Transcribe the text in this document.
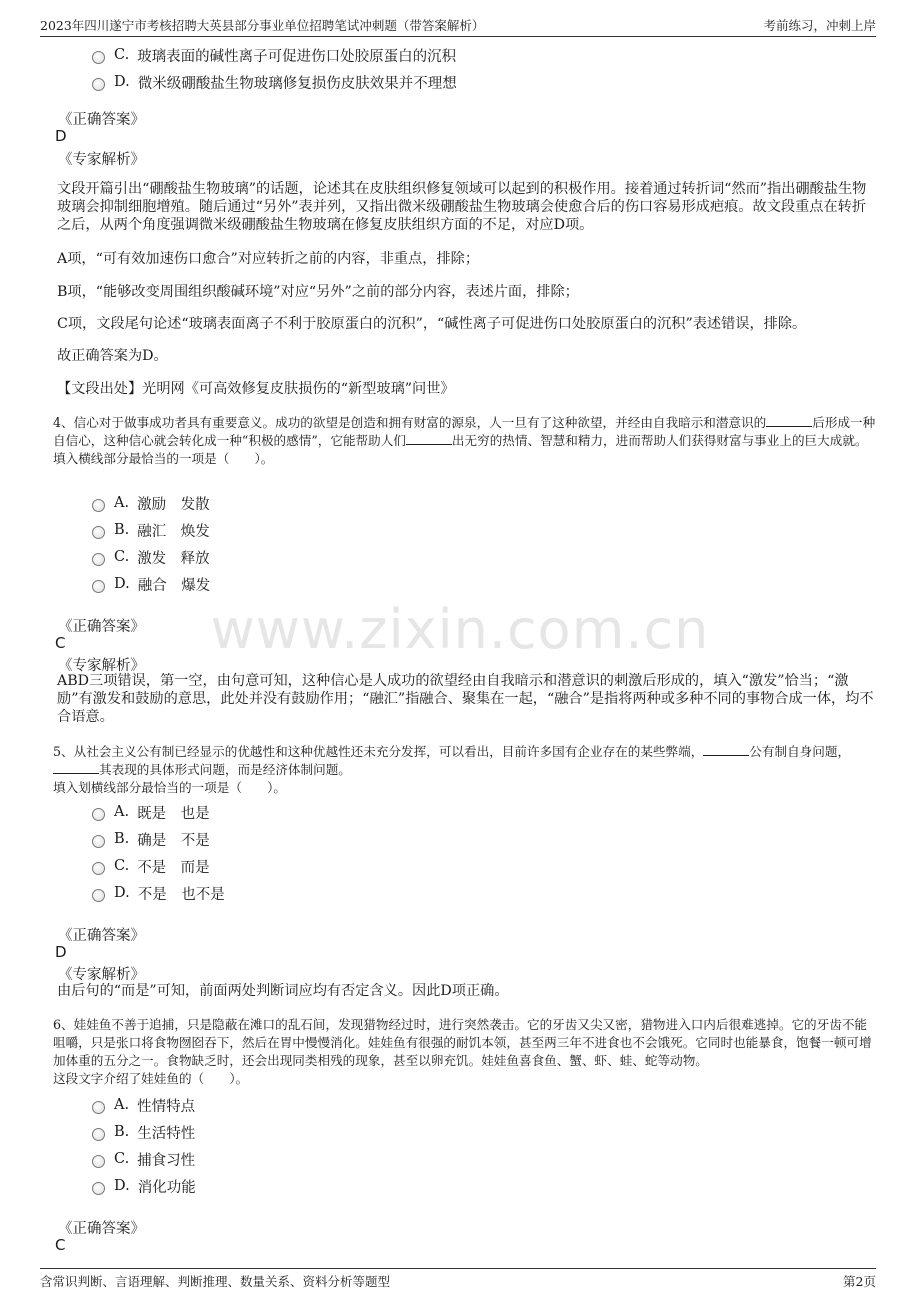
2023年四川遂宁市考核招聘大英县部分事业单位招聘笔试冲刺题（带答案解析）	考前练习，冲刺上岸
www.zixin.com.cn
C. 玻璃表面的碱性离子可促进伤口处胶原蛋白的沉积
D. 微米级硼酸盐生物玻璃修复损伤皮肤效果并不理想
《正确答案》
D
《专家解析》
文段开篇引出“硼酸盐生物玻璃”的话题，论述其在皮肤组织修复领域可以起到的积极作用。接着通过转折词“然而”指出硼酸盐生物玻璃会抑制细胞增殖。随后通过“另外”表并列，又指出微米级硼酸盐生物玻璃会使愈合后的伤口容易形成疤痕。故文段重点在转折之后，从两个角度强调微米级硼酸盐生物玻璃在修复皮肤组织方面的不足，对应D项。
A项，“可有效加速伤口愈合”对应转折之前的内容，非重点，排除；
B项，“能够改变周围组织酸碱环境”对应“另外”之前的部分内容，表述片面，排除；
C项，文段尾句论述“玻璃表面离子不利于胶原蛋白的沉积”，“碱性离子可促进伤口处胶原蛋白的沉积”表述错误，排除。
故正确答案为D。
【文段出处】光明网《可高效修复皮肤损伤的“新型玻璃”问世》

4、信心对于做事成功者具有重要意义。成功的欲望是创造和拥有财富的源泉，人一旦有了这种欲望，并经由自我暗示和潜意识的	后形成一种自信心，这种信心就会转化成一种“积极的感情”，它能帮助人们	出无穷的热情、智慧和精力，进而帮助人们获得财富与事业上的巨大成就。

填入横线部分最恰当的一项是（　　）。

A. 激励　发散
B. 融汇　焕发
C. 激发　释放
D. 融合　爆发
《正确答案》
C
《专家解析》
ABD三项错误，第一空，由句意可知，这种信心是人成功的欲望经由自我暗示和潜意识的刺激后形成的，填入“激发”恰当；“激励”有激发和鼓励的意思，此处并没有鼓励作用；“融汇”指融合、聚集在一起，“融合”是指将两种或多种不同的事物合成一体，均不合语意。

5、从社会主义公有制已经显示的优越性和这种优越性还未充分发挥，可以看出，目前许多国有企业存在的某些弊端，	公有制自身问题，其表现的具体形式问题，而是经济体制问题。

填入划横线部分最恰当的一项是（　　）。

A. 既是　也是
B. 确是　不是
C. 不是　而是
D. 不是　也不是
《正确答案》
D
《专家解析》
由后句的“而是”可知，前面两处判断词应均有否定含义。因此D项正确。

6、娃娃鱼不善于追捕，只是隐蔽在滩口的乱石间，发现猎物经过时，进行突然袭击。它的牙齿又尖又密，猎物进入口内后很难逃掉。它的牙齿不能咀嚼，只是张口将食物囫囵吞下，然后在胃中慢慢消化。娃娃鱼有很强的耐饥本领，甚至两三年不进食也不会饿死。它同时也能暴食，饱餐一顿可增加体重的五分之一。食物缺乏时，还会出现同类相残的现象，甚至以卵充饥。娃娃鱼喜食鱼、蟹、虾、蛙、蛇等动物。

这段文字介绍了娃娃鱼的（　　）。

A. 性情特点
B. 生活特性
C. 捕食习性
D. 消化功能
《正确答案》
C
含常识判断、言语理解、判断推理、数量关系、资料分析等题型	第2页
